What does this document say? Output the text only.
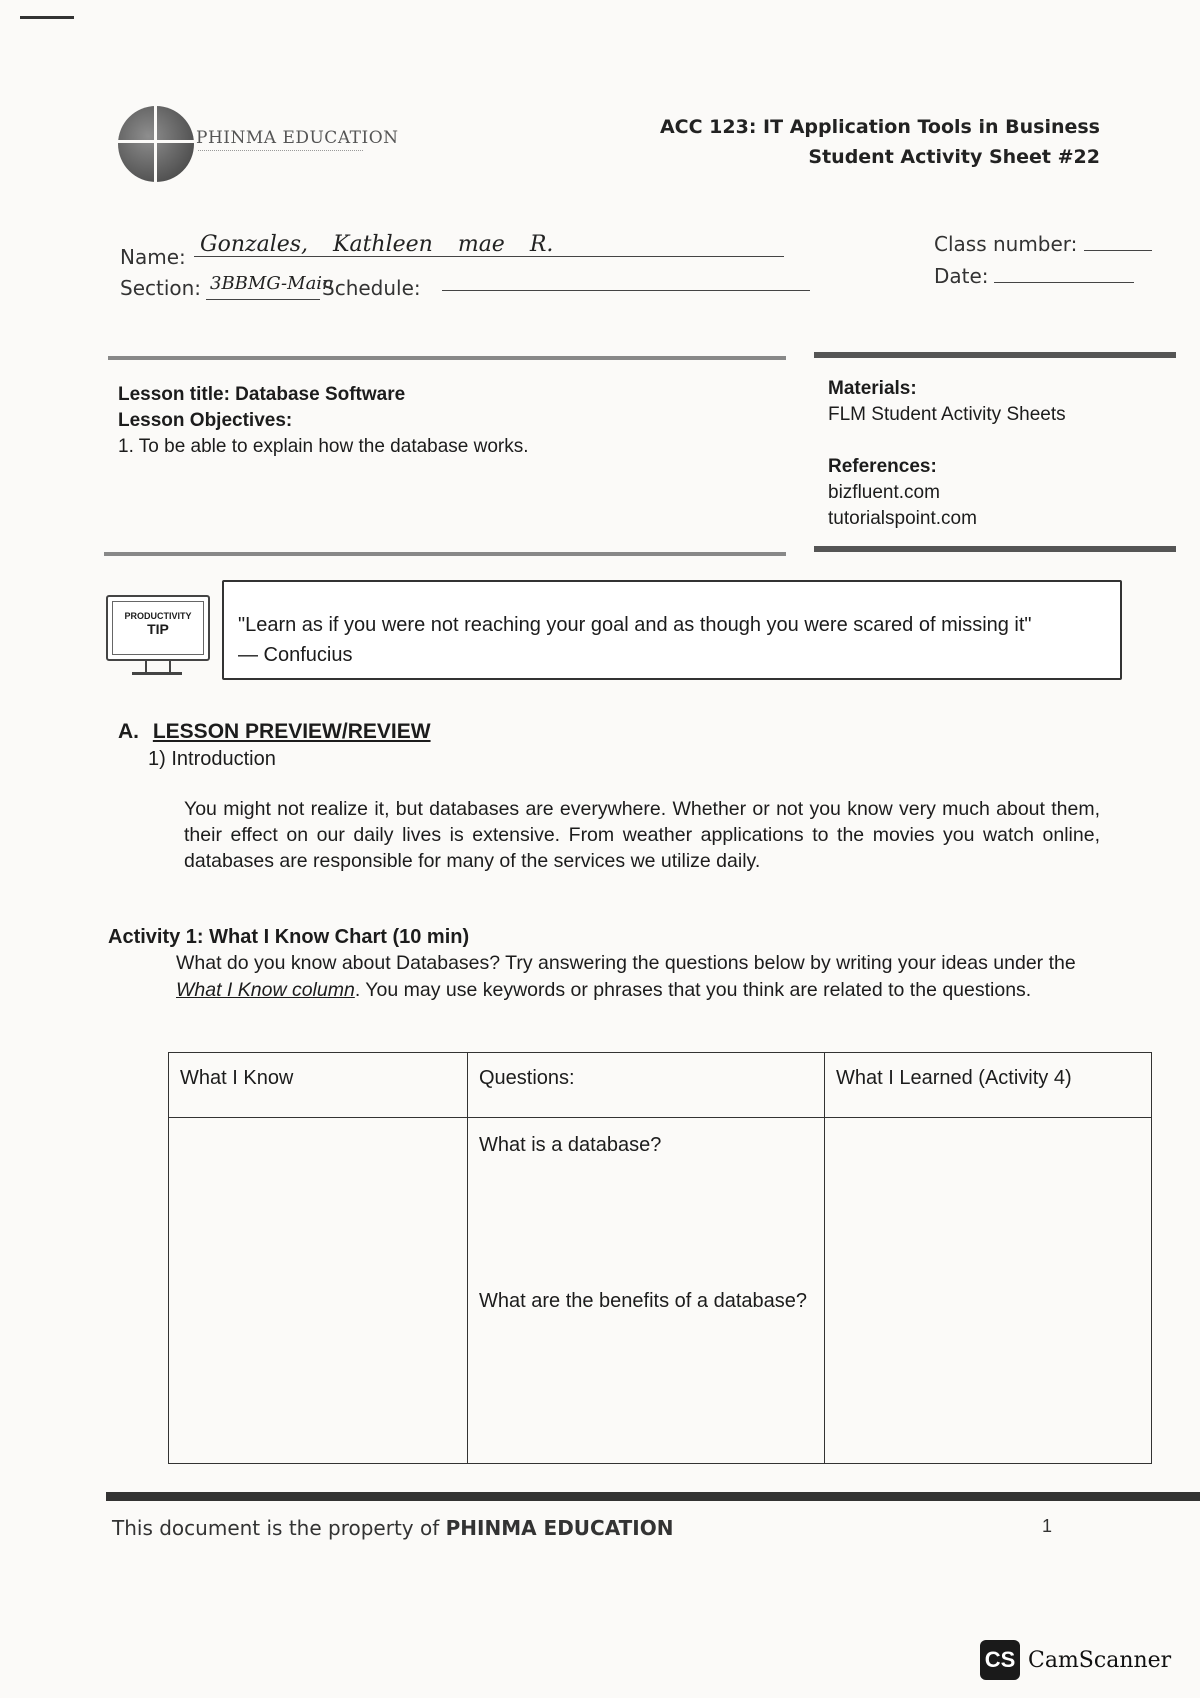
PHINMA EDUCATION	ACC 123: IT Application Tools in Business
Student Activity Sheet #22
Name: Gonzales, Kathleen mae R.
Section: 3BBMG-Main
Schedule:
Class number:
Date:
Lesson title: Database Software
Lesson Objectives:
1. To be able to explain how the database works.
Materials:
FLM Student Activity Sheets
References:
bizfluent.com
tutorialspoint.com
PRODUCTIVITY
TIP	"Learn as if you were not reaching your goal and as though you were scared of missing it"
— Confucius
A. LESSON PREVIEW/REVIEW
1) Introduction
You might not realize it, but databases are everywhere. Whether or not you know very much about them, their effect on our daily lives is extensive. From weather applications to the movies you watch online, databases are responsible for many of the services we utilize daily.
Activity 1: What I Know Chart (10 min)
What do you know about Databases? Try answering the questions below by writing your ideas under the What I Know column. You may use keywords or phrases that you think are related to the questions.
What I Know	Questions:	What I Learned (Activity 4)

	What is a database?
What are the benefits of a database?	

This document is the property of PHINMA EDUCATION	1
CS CamScanner
